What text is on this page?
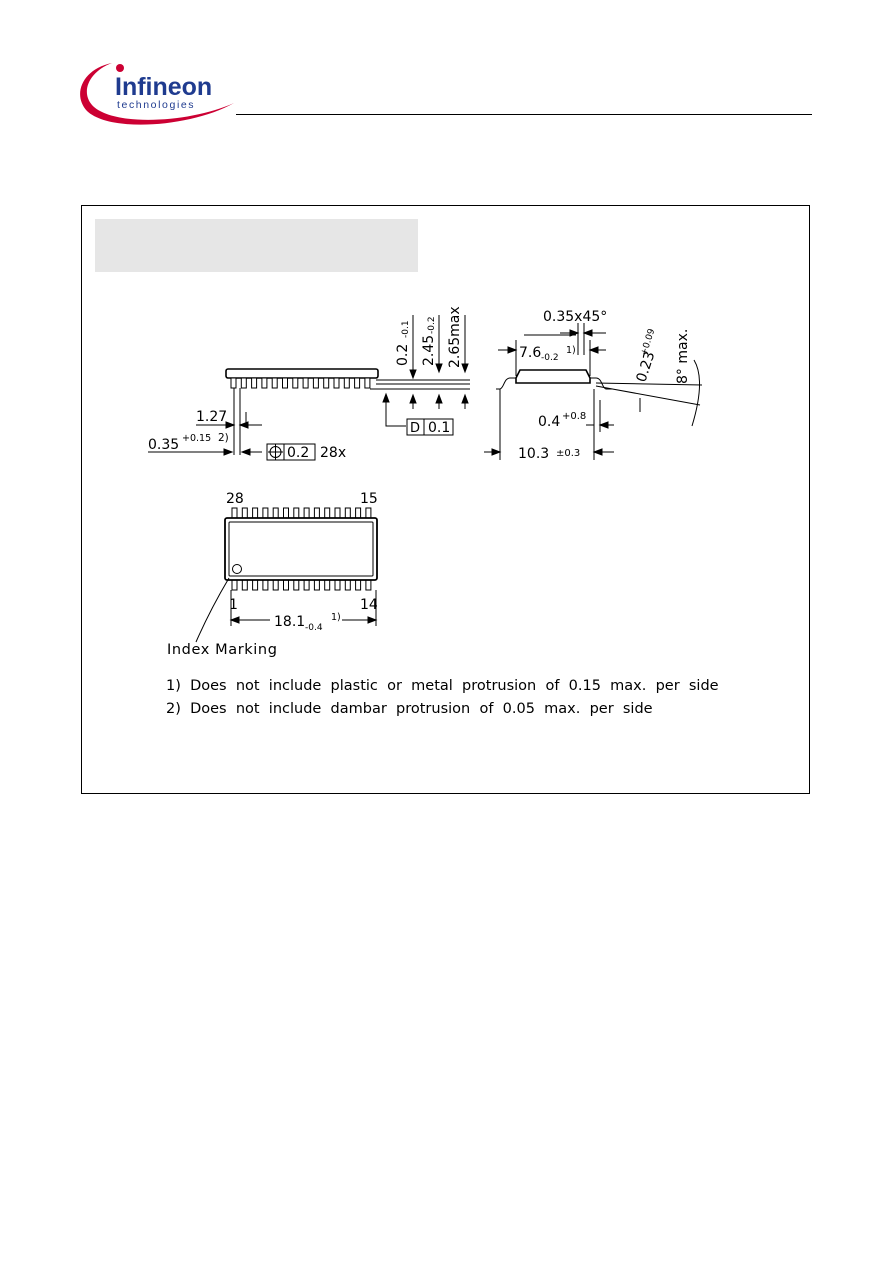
Infineon
technologies
0.2
-0.1
2.45
-0.2 2.65max
D 0.1
1.27
0.35 +0.15 2)
0.2 28x
0.35x45°
7.6 -0.2
1)	0.23
+0.09 8° max.
0.4 +0.8
10.3 ±0.3
28	15
1	14
18.1 -0.4
1)
Index Marking
1)  Does  not  include  plastic  or  metal  protrusion  of  0.15  max.  per  side
2)  Does  not  include  dambar  protrusion  of  0.05  max.  per  side
